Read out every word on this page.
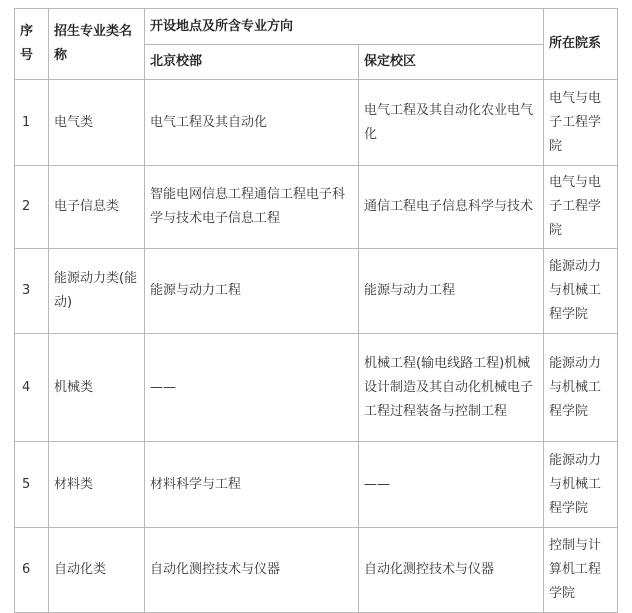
序号	招生专业类名称	开设地点及所含专业方向		所在院系
		北京校部	保定校区	
1	电气类	电气工程及其自动化	电气工程及其自动化农业电气化	电气与电子工程学院
2	电子信息类	智能电网信息工程通信工程电子科学与技术电子信息工程	通信工程电子信息科学与技术	电气与电子工程学院
3	能源动力类(能动)	能源与动力工程	能源与动力工程	能源动力与机械工程学院
4	机械类	——	机械工程(输电线路工程)机械设计制造及其自动化机械电子工程过程装备与控制工程	能源动力与机械工程学院
5	材料类	材料科学与工程	——	能源动力与机械工程学院
6	自动化类	自动化测控技术与仪器	自动化测控技术与仪器	控制与计算机工程学院
